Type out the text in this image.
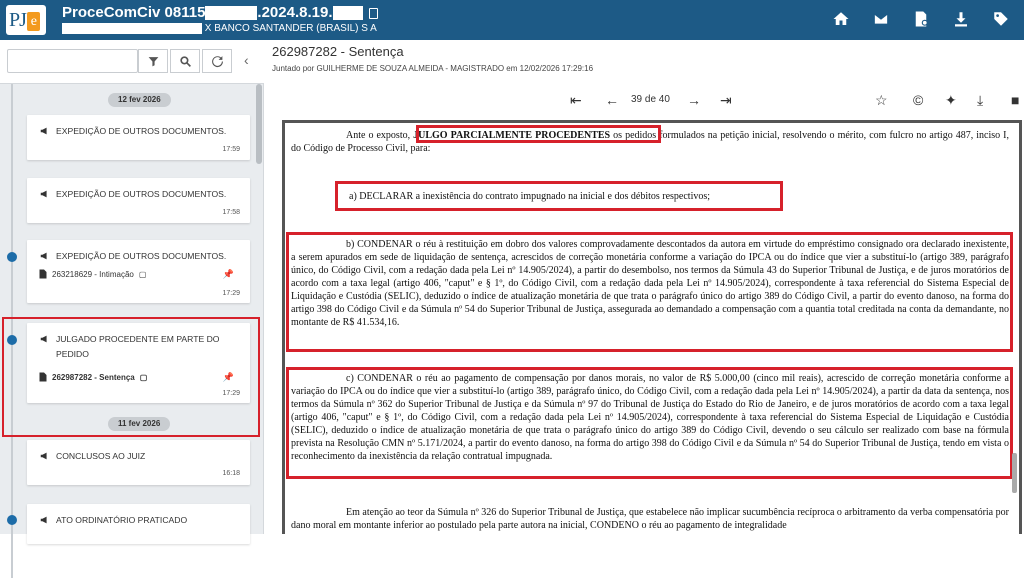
PJ e
ProceComCiv 08115	.2024.8.19.
X BANCO SANTANDER (BRASIL) S A
‹
12 fev 2026
EXPEDIÇÃO DE OUTROS DOCUMENTOS.
17:59
EXPEDIÇÃO DE OUTROS DOCUMENTOS.
17:58
EXPEDIÇÃO DE OUTROS DOCUMENTOS.
263218629 - Intimação ▢	📌
17:29
JULGADO PROCEDENTE EM PARTE DO PEDIDO
262987282 - Sentença ▢	📌
17:29
11 fev 2026
CONCLUSOS AO JUIZ
16:18
ATO ORDINATÓRIO PRATICADO
262987282 - Sentença
Juntado por GUILHERME DE SOUZA ALMEIDA - MAGISTRADO em 12/02/2026 17:29:16
⇤ ← 39 de 40 → ⇥	☆ © ✦ ⤓ ■
Ante o exposto, JULGO PARCIALMENTE PROCEDENTES os pedidos formulados na petição inicial, resolvendo o mérito, com fulcro no artigo 487, inciso I, do Código de Processo Civil, para:
a) DECLARAR a inexistência do contrato impugnado na inicial e dos débitos respectivos;
b) CONDENAR o réu à restituição em dobro dos valores comprovadamente descontados da autora em virtude do empréstimo consignado ora declarado inexistente, a serem apurados em sede de liquidação de sentença, acrescidos de correção monetária conforme a variação do IPCA ou do índice que vier a substituí-lo (artigo 389, parágrafo único, do Código Civil, com a redação dada pela Lei nº 14.905/2024), a partir do desembolso, nos termos da Súmula 43 do Superior Tribunal de Justiça, e de juros moratórios de acordo com a taxa legal (artigo 406, "caput" e § 1º, do Código Civil, com a redação dada pela Lei nº 14.905/2024), correspondente à taxa referencial do Sistema Especial de Liquidação e Custódia (SELIC), deduzido o índice de atualização monetária de que trata o parágrafo único do artigo 389 do Código Civil, a partir do evento danoso, na forma do artigo 398 do Código Civil e da Súmula nº 54 do Superior Tribunal de Justiça, assegurada ao demandado a compensação com a quantia total creditada na conta da demandante, no montante de R$ 41.534,16.
c) CONDENAR o réu ao pagamento de compensação por danos morais, no valor de R$ 5.000,00 (cinco mil reais), acrescido de correção monetária conforme a variação do IPCA ou do índice que vier a substituí-lo (artigo 389, parágrafo único, do Código Civil, com a redação dada pela Lei nº 14.905/2024), a partir da data da sentença, nos termos da Súmula nº 362 do Superior Tribunal de Justiça e da Súmula nº 97 do Tribunal de Justiça do Estado do Rio de Janeiro, e de juros moratórios de acordo com a taxa legal (artigo 406, "caput" e § 1º, do Código Civil, com a redação dada pela Lei nº 14.905/2024), correspondente à taxa referencial do Sistema Especial de Liquidação e Custódia (SELIC), deduzido o índice de atualização monetária de que trata o parágrafo único do artigo 389 do Código Civil, devendo o seu cálculo ser realizado com base na fórmula prevista na Resolução CMN nº 5.171/2024, a partir do evento danoso, na forma do artigo 398 do Código Civil e da Súmula nº 54 do Superior Tribunal de Justiça, tendo em vista o reconhecimento da inexistência da relação contratual impugnada.
Em atenção ao teor da Súmula nº 326 do Superior Tribunal de Justiça, que estabelece não implicar sucumbência recíproca o arbitramento da verba compensatória por dano moral em montante inferior ao postulado pela parte autora na inicial, CONDENO o réu ao pagamento de integralidade
